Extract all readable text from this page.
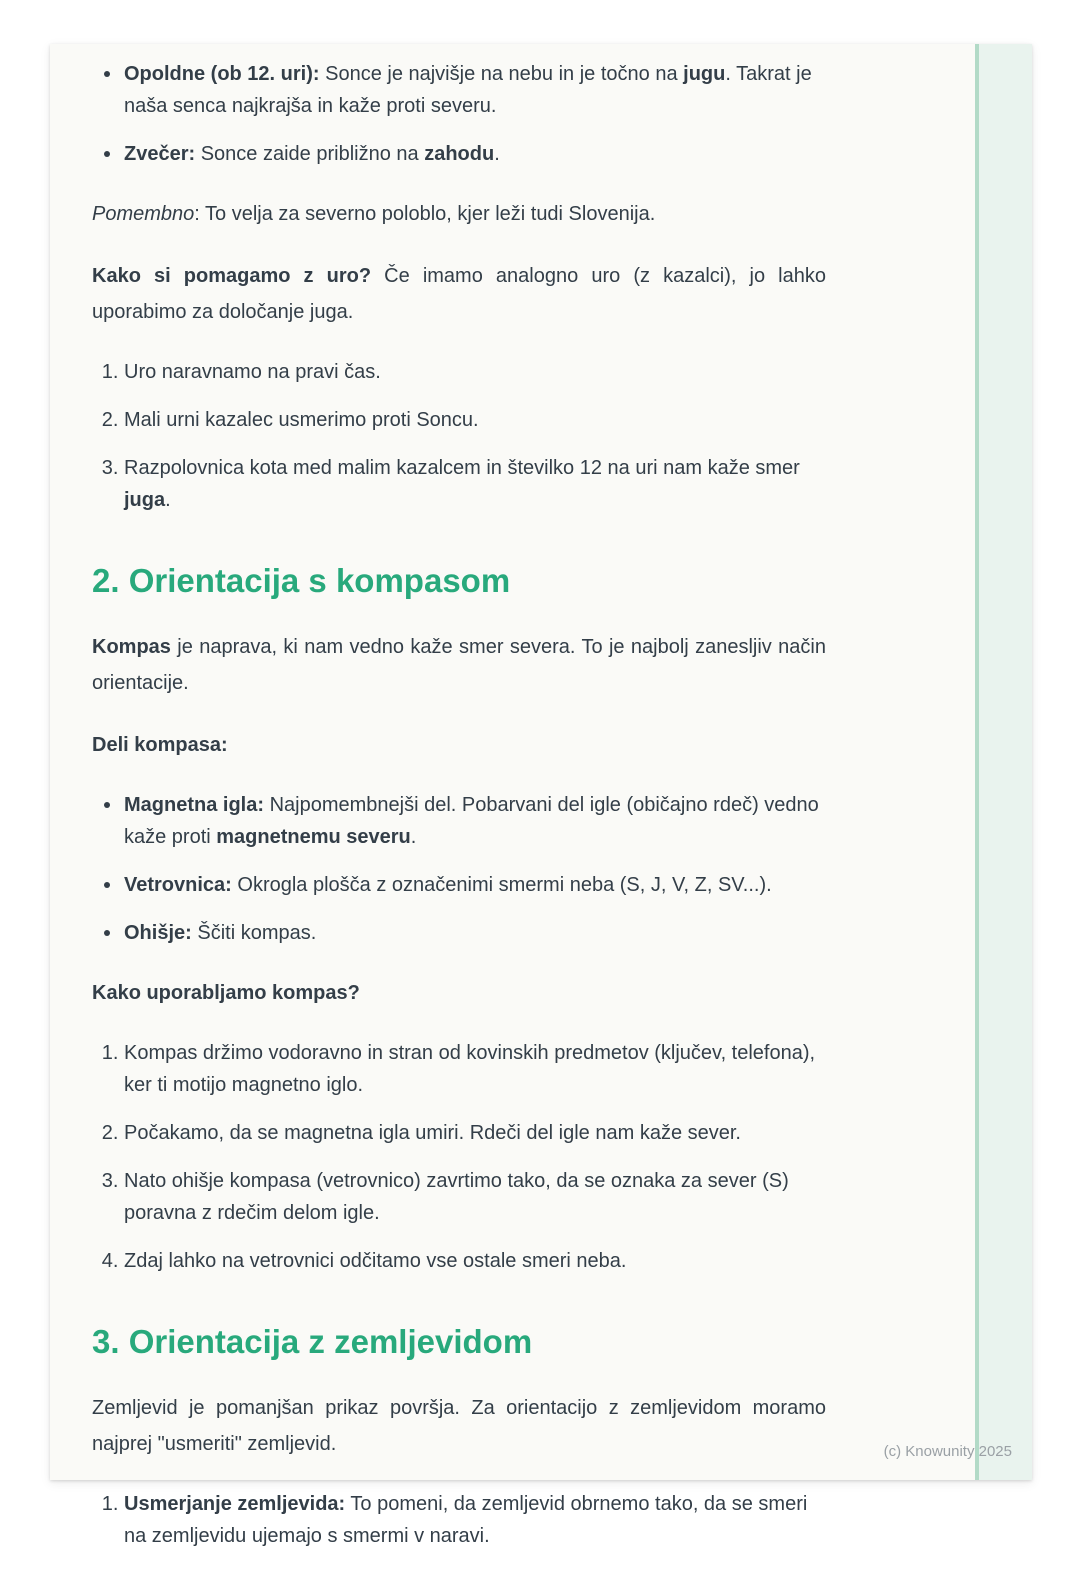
Opoldne (ob 12. uri): Sonce je najvišje na nebu in je točno na jugu. Takrat je naša senca najkrajša in kaže proti severu.
Zvečer: Sonce zaide približno na zahodu.

Pomembno: To velja za severno poloblo, kjer leži tudi Slovenija.

Kako si pomagamo z uro? Če imamo analogno uro (z kazalci), jo lahko uporabimo za določanje juga.

1. Uro naravnamo na pravi čas.
2. Mali urni kazalec usmerimo proti Soncu.
3. Razpolovnica kota med malim kazalcem in številko 12 na uri nam kaže smer juga.
2. Orientacija s kompasom

Kompas je naprava, ki nam vedno kaže smer severa. To je najbolj zanesljiv način orientacije.

Deli kompasa:

Magnetna igla: Najpomembnejši del. Pobarvani del igle (običajno rdeč) vedno kaže proti magnetnemu severu.
Vetrovnica: Okrogla plošča z označenimi smermi neba (S, J, V, Z, SV...).
Ohišje: Ščiti kompas.

Kako uporabljamo kompas?

1. Kompas držimo vodoravno in stran od kovinskih predmetov (ključev, telefona), ker ti motijo magnetno iglo.
2. Počakamo, da se magnetna igla umiri. Rdeči del igle nam kaže sever.
3. Nato ohišje kompasa (vetrovnico) zavrtimo tako, da se oznaka za sever (S) poravna z rdečim delom igle.
4. Zdaj lahko na vetrovnici odčitamo vse ostale smeri neba.
3. Orientacija z zemljevidom

Zemljevid je pomanjšan prikaz površja. Za orientacijo z zemljevidom moramo najprej "usmeriti" zemljevid.

1. Usmerjanje zemljevida: To pomeni, da zemljevid obrnemo tako, da se smeri na zemljevidu ujemajo s smermi v naravi.
(c) Knowunity 2025
